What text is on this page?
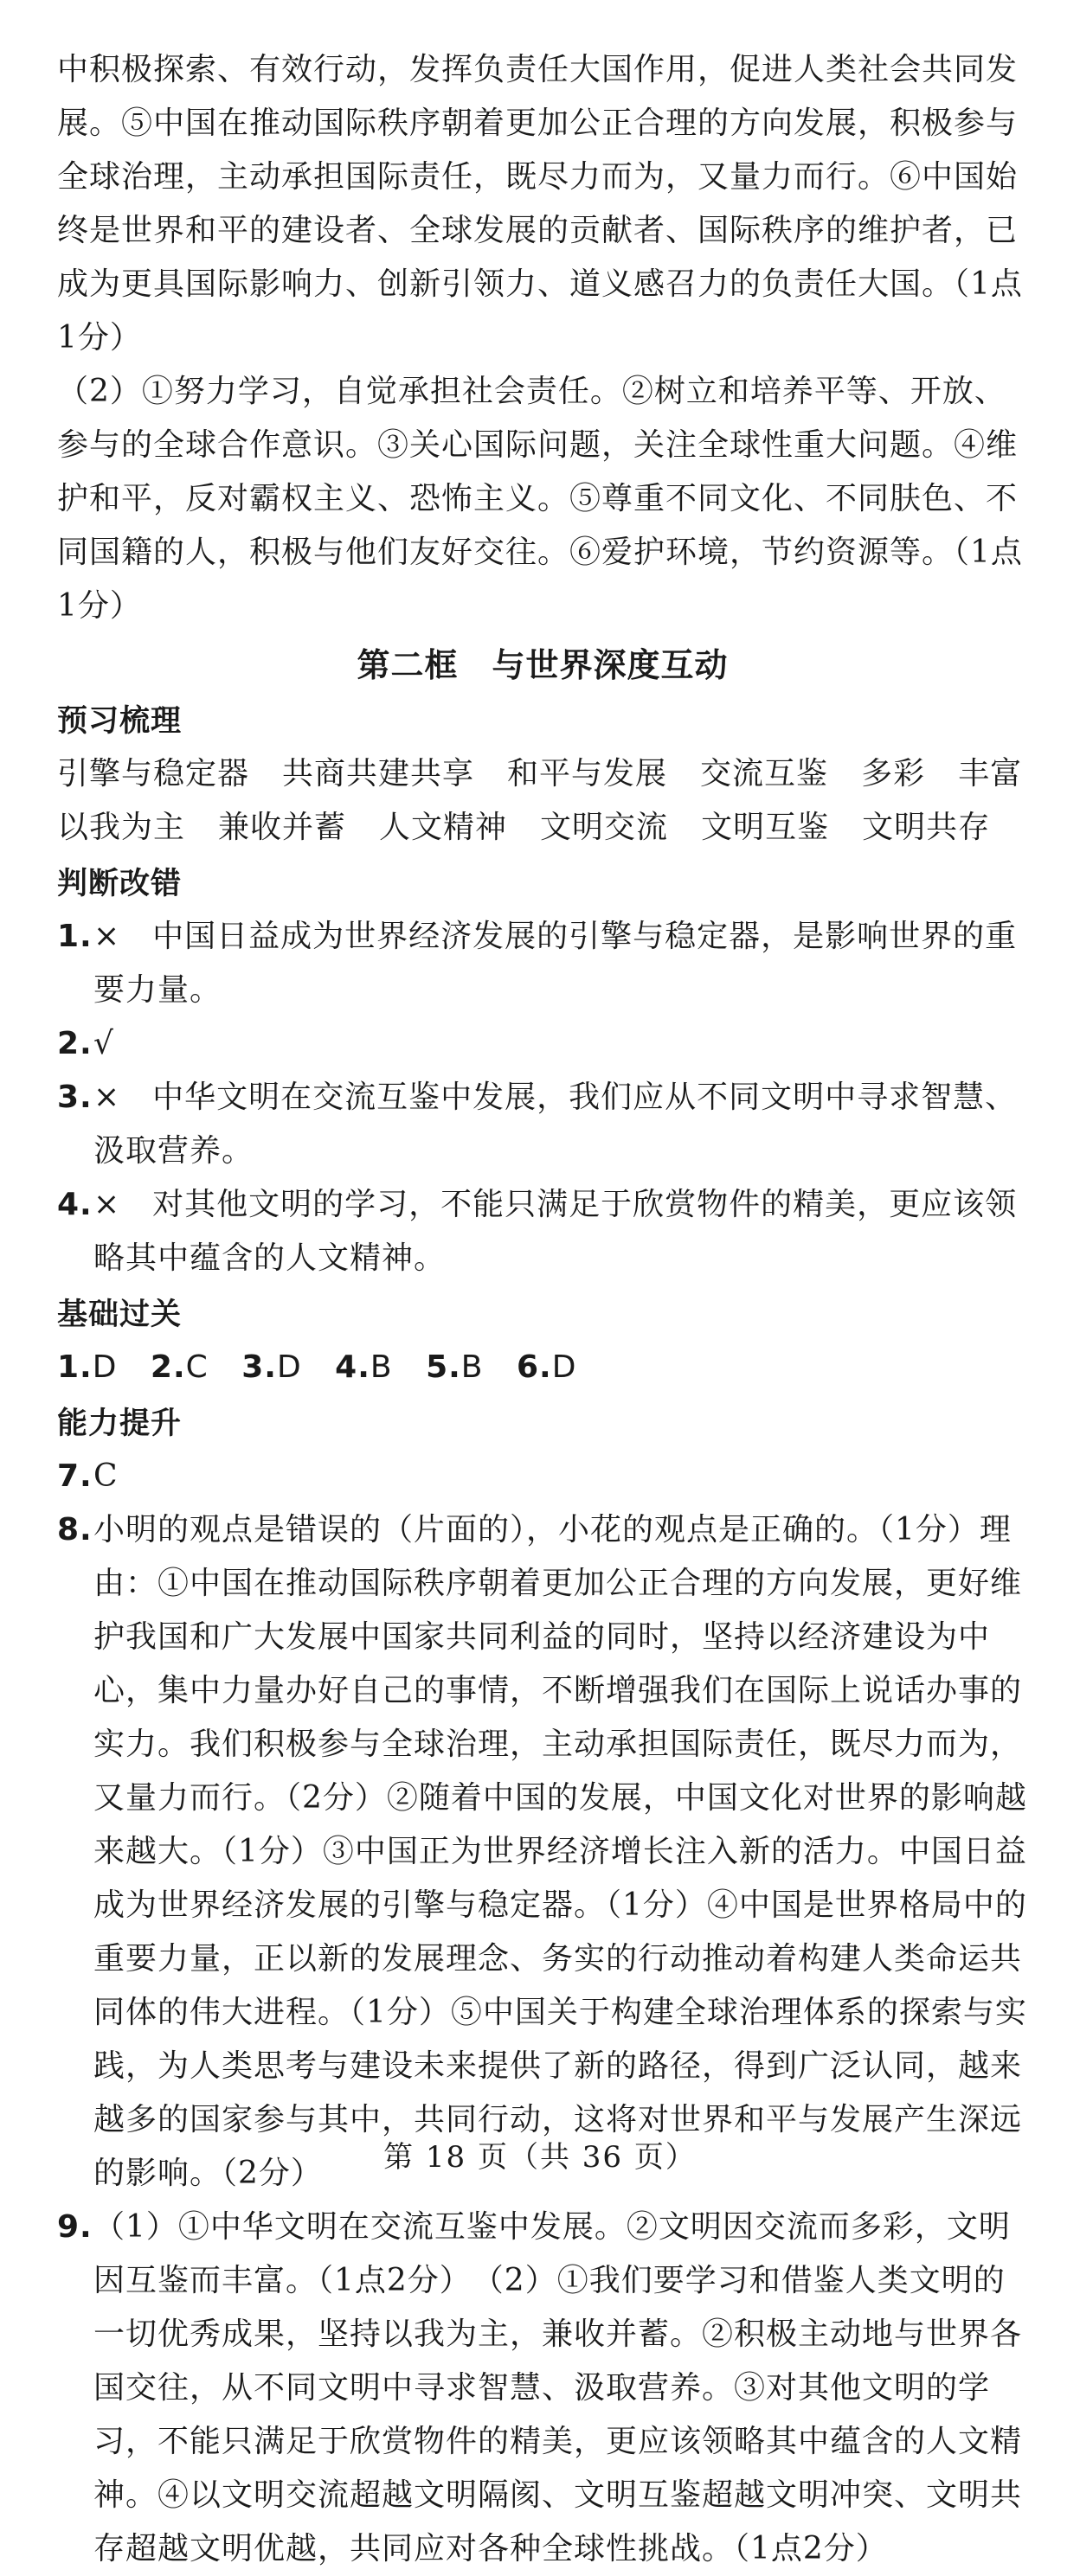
中积极探索、有效行动，发挥负责任大国作用，促进人类社会共同发展。⑤中国在推动国际秩序朝着更加公正合理的方向发展，积极参与全球治理，主动承担国际责任，既尽力而为，又量力而行。⑥中国始终是世界和平的建设者、全球发展的贡献者、国际秩序的维护者，已成为更具国际影响力、创新引领力、道义感召力的负责任大国。（1点1分）

（2）①努力学习，自觉承担社会责任。②树立和培养平等、开放、参与的全球合作意识。③关心国际问题，关注全球性重大问题。④维护和平，反对霸权主义、恐怖主义。⑤尊重不同文化、不同肤色、不同国籍的人，积极与他们友好交往。⑥爱护环境，节约资源等。（1点1分）

第二框　与世界深度互动
预习梳理
引擎与稳定器 共商共建共享 和平与发展 交流互鉴 多彩 丰富
以我为主 兼收并蓄 人文精神 文明交流 文明互鉴 文明共存
判断改错
1. ×　中国日益成为世界经济发展的引擎与稳定器，是影响世界的重要力量。
2. √
3. ×　中华文明在交流互鉴中发展，我们应从不同文明中寻求智慧、汲取营养。
4. ×　对其他文明的学习，不能只满足于欣赏物件的精美，更应该领略其中蕴含的人文精神。
基础过关
1.D 2.C 3.D 4.B 5.B 6.D
能力提升
7. C
8. 小明的观点是错误的（片面的），小花的观点是正确的。（1分）理由：①中国在推动国际秩序朝着更加公正合理的方向发展，更好维护我国和广大发展中国家共同利益的同时，坚持以经济建设为中心，集中力量办好自己的事情，不断增强我们在国际上说话办事的实力。我们积极参与全球治理，主动承担国际责任，既尽力而为，又量力而行。（2分）②随着中国的发展，中国文化对世界的影响越来越大。（1分）③中国正为世界经济增长注入新的活力。中国日益成为世界经济发展的引擎与稳定器。（1分）④中国是世界格局中的重要力量，正以新的发展理念、务实的行动推动着构建人类命运共同体的伟大进程。（1分）⑤中国关于构建全球治理体系的探索与实践，为人类思考与建设未来提供了新的路径，得到广泛认同，越来越多的国家参与其中，共同行动，这将对世界和平与发展产生深远的影响。（2分）
9. （1）①中华文明在交流互鉴中发展。②文明因交流而多彩，文明因互鉴而丰富。（1点2分）　（2）①我们要学习和借鉴人类文明的一切优秀成果，坚持以我为主，兼收并蓄。②积极主动地与世界各国交往，从不同文明中寻求智慧、汲取营养。③对其他文明的学习，不能只满足于欣赏物件的精美，更应该领略其中蕴含的人文精神。④以文明交流超越文明隔阂、文明互鉴超越文明冲突、文明共存超越文明优越，共同应对各种全球性挑战。（1点2分）
第 18 页（共 36 页）
